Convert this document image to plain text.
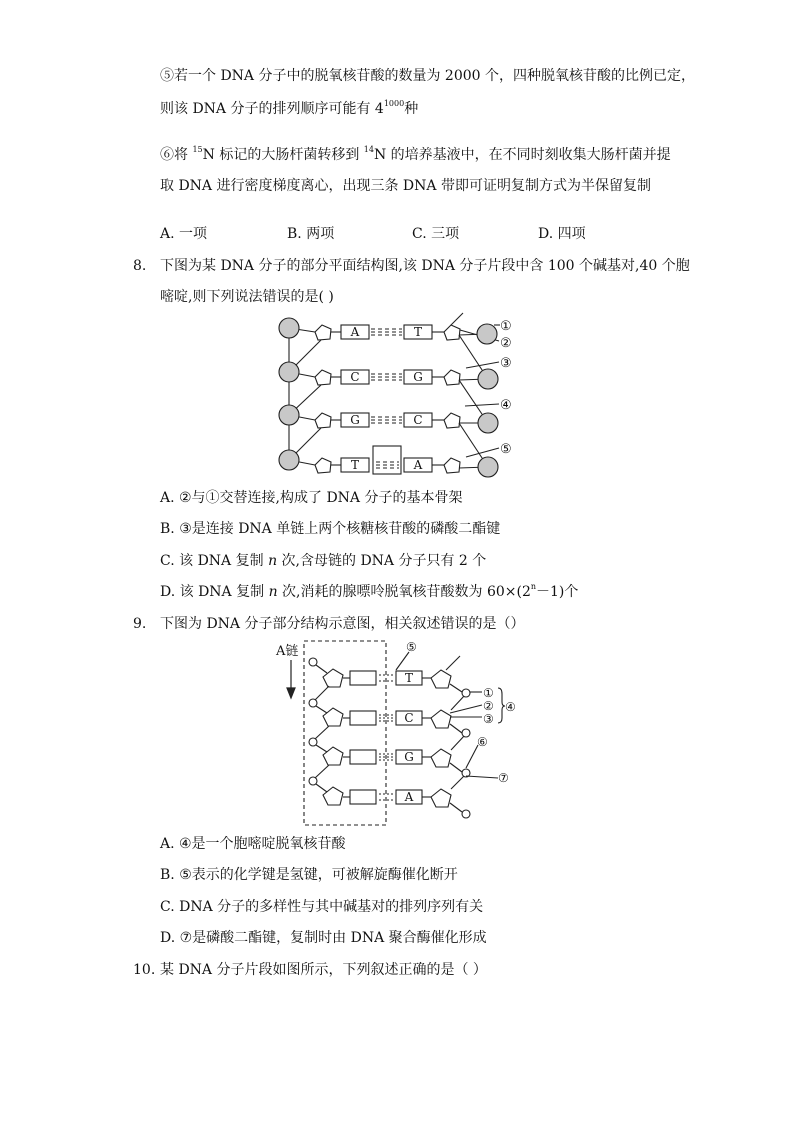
⑤若一个 DNA 分子中的脱氧核苷酸的数量为 2000 个，四种脱氧核苷酸的比例已定，
则该 DNA 分子的排列顺序可能有 $4^{1000}$种
⑥将 $^{15}$N 标记的大肠杆菌转移到 $^{14}$N 的培养基液中，在不同时刻收集大肠杆菌并提
取 DNA 进行密度梯度离心，出现三条 DNA 带即可证明复制方式为半保留复制
A. 一项	B. 两项	C. 三项	D. 四项
8. 下图为某 DNA 分子的部分平面结构图,该 DNA 分子片段中含 100 个碱基对,40 个胞
嘧啶,则下列说法错误的是( )
A
C
G
T
T
G
C
A
①
②
③
④
⑤
A. ②与①交替连接,构成了 DNA 分子的基本骨架
B. ③是连接 DNA 单链上两个核糖核苷酸的磷酸二酯键
C. 该 DNA 复制 n 次,含母链的 DNA 分子只有 2 个
D. 该 DNA 复制 n 次,消耗的腺嘌呤脱氧核苷酸数为 $60\times(2^n-1)$个
9. 下图为 DNA 分子部分结构示意图，相关叙述错误的是（）
A链
T
C
G
A
⑤
①
②
③
④
⑥
⑦
A. ④是一个胞嘧啶脱氧核苷酸
B. ⑤表示的化学键是氢键，可被解旋酶催化断开
C. DNA 分子的多样性与其中碱基对的排列序列有关
D. ⑦是磷酸二酯键，复制时由 DNA 聚合酶催化形成
10. 某 DNA 分子片段如图所示，下列叙述正确的是（ ）
